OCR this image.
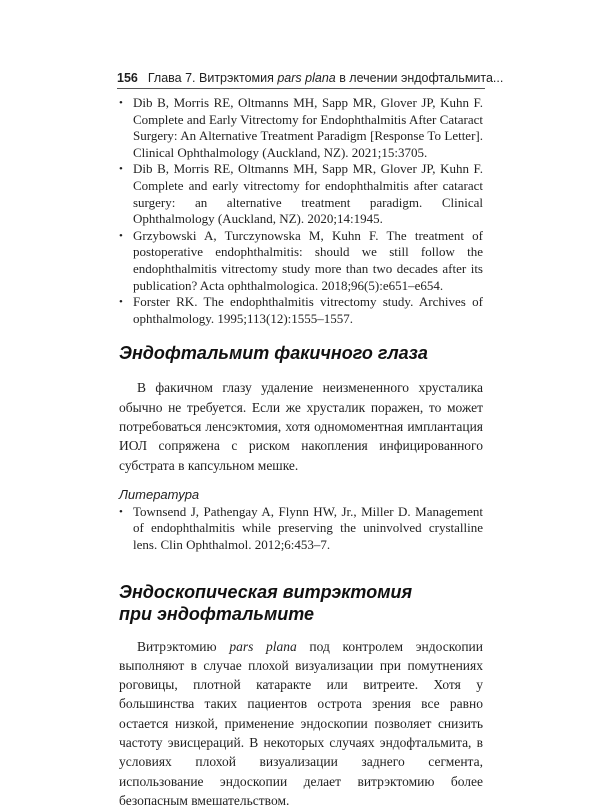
156 Глава 7. Витрэктомия pars plana в лечении эндофтальмита...
• Dib B, Morris RE, Oltmanns MH, Sapp MR, Glover JP, Kuhn F. Complete and Early Vitrectomy for Endophthalmitis After Cataract Surgery: An Alternative Treatment Paradigm [Response To Letter]. Clinical Ophthalmology (Auckland, NZ). 2021;15:3705.
• Dib B, Morris RE, Oltmanns MH, Sapp MR, Glover JP, Kuhn F. Complete and early vitrectomy for endophthalmitis after cataract surgery: an alternative treatment paradigm. Clinical Ophthalmology (Auckland, NZ). 2020;14:1945.
• Grzybowski A, Turczynowska M, Kuhn F. The treatment of postoperative endophthalmitis: should we still follow the endophthalmitis vitrectomy study more than two decades after its publication? Acta ophthalmologica. 2018;96(5):e651–e654.
• Forster RK. The endophthalmitis vitrectomy study. Archives of ophthalmology. 1995;113(12):1555–1557.
Эндофтальмит факичного глаза

В факичном глазу удаление неизмененного хрусталика обычно не требуется. Если же хрусталик поражен, то может потребоваться ленсэктомия, хотя одномоментная имплантация ИОЛ сопряжена с риском накопления инфицированного субстрата в капсульном мешке.

Литература

• Townsend J, Pathengay A, Flynn HW, Jr., Miller D. Management of endophthalmitis while preserving the uninvolved crystalline lens. Clin Ophthalmol. 2012;6:453–7.
Эндоскопическая витрэктомия
при эндофтальмите

Витрэктомию pars plana под контролем эндоскопии выполняют в случае плохой визуализации при помутнениях роговицы, плотной катаракте или витреите. Хотя у большинства таких пациентов острота зрения все равно остается низкой, применение эндоскопии позволяет снизить частоту эвисцераций. В некоторых случаях эндофтальмита, в условиях плохой визуализации заднего сегмента, использование эндоскопии делает витрэктомию более безопасным вмешательством.
